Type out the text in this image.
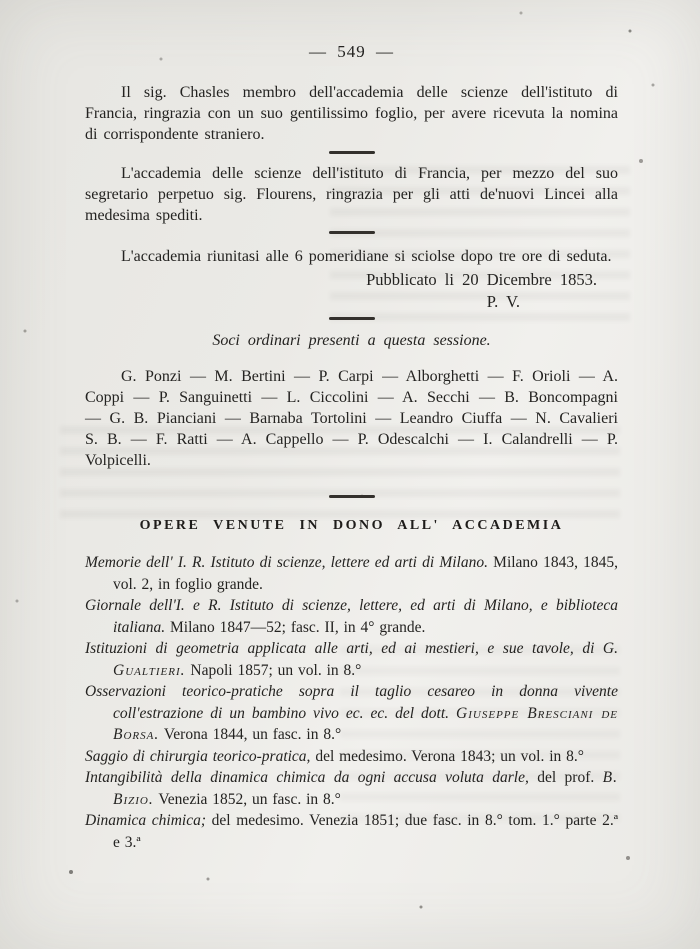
— 549 —

Il sig. Chasles membro dell'accademia delle scienze dell'istituto di Francia, ringrazia con un suo gentilissimo foglio, per avere ricevuta la nomina di corrispondente straniero.

L'accademia delle scienze dell'istituto di Francia, per mezzo del suo segretario perpetuo sig. Flourens, ringrazia per gli atti de'nuovi Lincei alla medesima spediti.

L'accademia riunitasi alle 6 pomeridiane si sciolse dopo tre ore di seduta.

Pubblicato li 20 Dicembre 1853.
P. V.
Soci ordinari presenti a questa sessione.

G. Ponzi — M. Bertini — P. Carpi — Alborghetti — F. Orioli — A. Coppi — P. Sanguinetti — L. Ciccolini — A. Secchi — B. Boncompagni — G. B. Pianciani — Barnaba Tortolini — Leandro Ciuffa — N. Cavalieri S. B. — F. Ratti — A. Cappello — P. Odescalchi — I. Calandrelli — P. Volpicelli.

OPERE VENUTE IN DONO ALL' ACCADEMIA

Memorie dell' I. R. Istituto di scienze, lettere ed arti di Milano. Milano 1843, 1845, vol. 2, in foglio grande.

Giornale dell'I. e R. Istituto di scienze, lettere, ed arti di Milano, e biblioteca italiana. Milano 1847—52; fasc. II, in 4° grande.

Istituzioni di geometria applicata alle arti, ed ai mestieri, e sue tavole, di G. Gualtieri. Napoli 1857; un vol. in 8.°

Osservazioni teorico-pratiche sopra il taglio cesareo in donna vivente coll'estrazione di un bambino vivo ec. ec. del dott. Giuseppe Bresciani de Borsa. Verona 1844, un fasc. in 8.°

Saggio di chirurgia teorico-pratica, del medesimo. Verona 1843; un vol. in 8.°

Intangibilità della dinamica chimica da ogni accusa voluta darle, del prof. B. Bizio. Venezia 1852, un fasc. in 8.°

Dinamica chimica; del medesimo. Venezia 1851; due fasc. in 8.° tom. 1.° parte 2.ª e 3.ª
